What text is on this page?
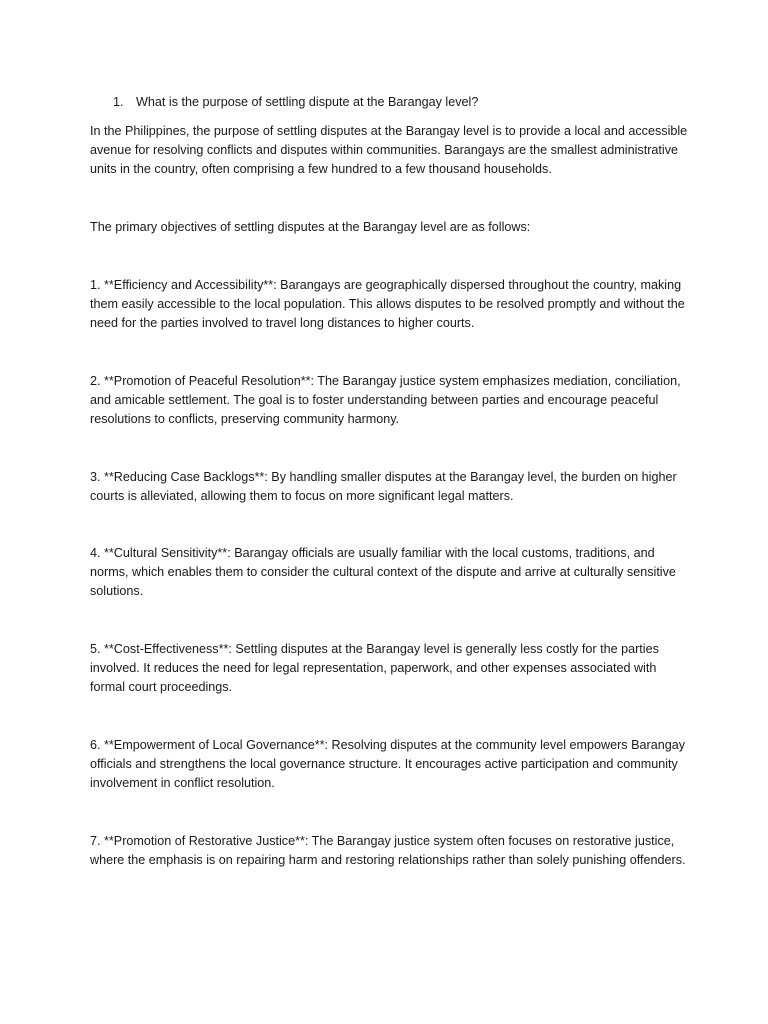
1. What is the purpose of settling dispute at the Barangay level?

In the Philippines, the purpose of settling disputes at the Barangay level is to provide a local and accessible avenue for resolving conflicts and disputes within communities. Barangays are the smallest administrative units in the country, often comprising a few hundred to a few thousand households.

The primary objectives of settling disputes at the Barangay level are as follows:

1. **Efficiency and Accessibility**: Barangays are geographically dispersed throughout the country, making them easily accessible to the local population. This allows disputes to be resolved promptly and without the need for the parties involved to travel long distances to higher courts.

2. **Promotion of Peaceful Resolution**: The Barangay justice system emphasizes mediation, conciliation, and amicable settlement. The goal is to foster understanding between parties and encourage peaceful resolutions to conflicts, preserving community harmony.

3. **Reducing Case Backlogs**: By handling smaller disputes at the Barangay level, the burden on higher courts is alleviated, allowing them to focus on more significant legal matters.

4. **Cultural Sensitivity**: Barangay officials are usually familiar with the local customs, traditions, and norms, which enables them to consider the cultural context of the dispute and arrive at culturally sensitive solutions.

5. **Cost-Effectiveness**: Settling disputes at the Barangay level is generally less costly for the parties involved. It reduces the need for legal representation, paperwork, and other expenses associated with formal court proceedings.

6. **Empowerment of Local Governance**: Resolving disputes at the community level empowers Barangay officials and strengthens the local governance structure. It encourages active participation and community involvement in conflict resolution.

7. **Promotion of Restorative Justice**: The Barangay justice system often focuses on restorative justice, where the emphasis is on repairing harm and restoring relationships rather than solely punishing offenders.
